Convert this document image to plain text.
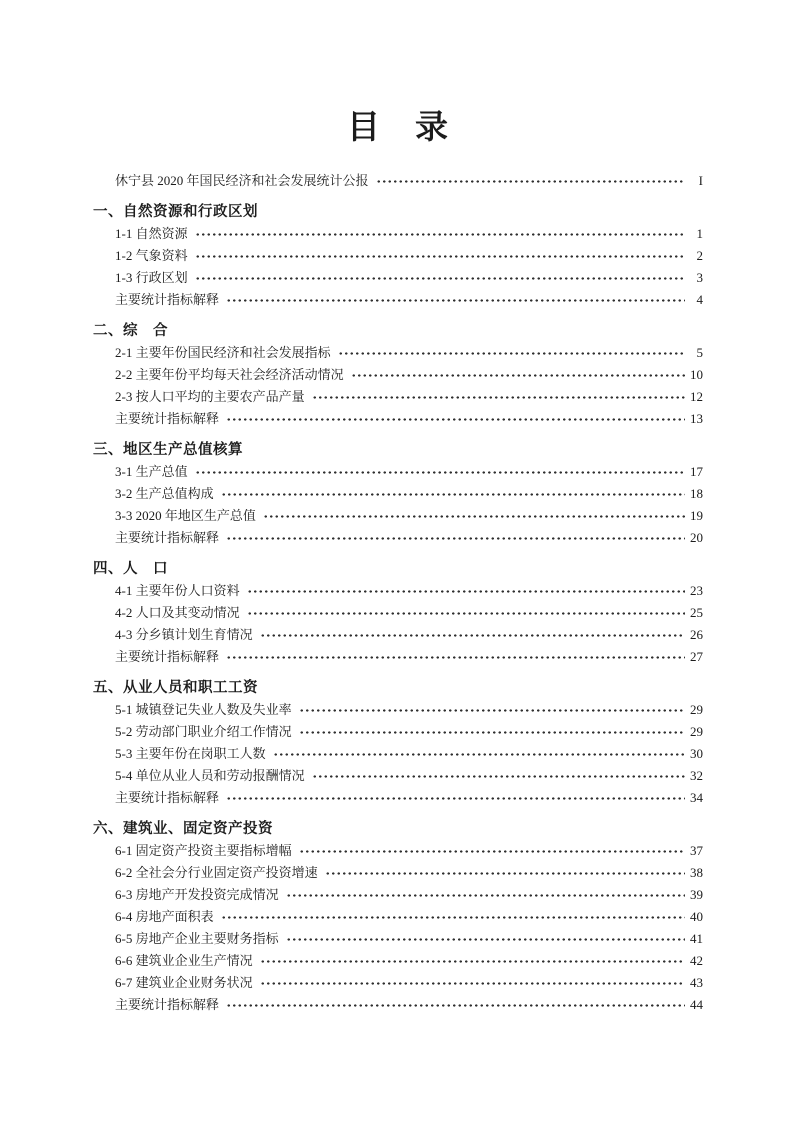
目　录
休宁县 2020 年国民经济和社会发展统计公报	I
一、自然资源和行政区划
1-1 自然资源	1
1-2 气象资料	2
1-3 行政区划	3
主要统计指标解释	4
二、综　合
2-1 主要年份国民经济和社会发展指标	5
2-2 主要年份平均每天社会经济活动情况	10
2-3 按人口平均的主要农产品产量	12
主要统计指标解释	13
三、地区生产总值核算
3-1 生产总值	17
3-2 生产总值构成	18
3-3 2020 年地区生产总值	19
主要统计指标解释	20
四、人　口
4-1 主要年份人口资料	23
4-2 人口及其变动情况	25
4-3 分乡镇计划生育情况	26
主要统计指标解释	27
五、从业人员和职工工资
5-1 城镇登记失业人数及失业率	29
5-2 劳动部门职业介绍工作情况	29
5-3 主要年份在岗职工人数	30
5-4 单位从业人员和劳动报酬情况	32
主要统计指标解释	34
六、建筑业、固定资产投资
6-1 固定资产投资主要指标增幅	37
6-2 全社会分行业固定资产投资增速	38
6-3 房地产开发投资完成情况	39
6-4 房地产面积表	40
6-5 房地产企业主要财务指标	41
6-6 建筑业企业生产情况	42
6-7 建筑业企业财务状况	43
主要统计指标解释	44
